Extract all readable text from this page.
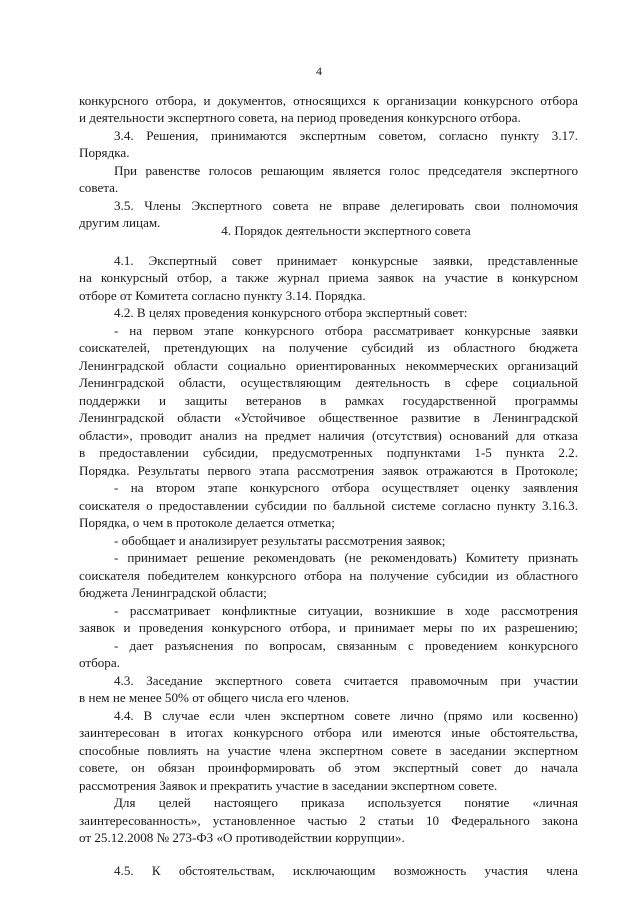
4
конкурсного отбора, и документов, относящихся к организации конкурсного отбора
и деятельности экспертного совета, на период проведения конкурсного отбора.
3.4. Решения, принимаются экспертным советом, согласно пункту 3.17.
Порядка.
При равенстве голосов решающим является голос председателя экспертного
совета.
3.5. Члены Экспертного совета не вправе делегировать свои полномочия
другим лицам.
4. Порядок деятельности экспертного совета
4.1. Экспертный совет принимает конкурсные заявки, представленные
на конкурсный отбор, а также журнал приема заявок на участие в конкурсном
отборе от Комитета согласно пункту 3.14. Порядка.
4.2. В целях проведения конкурсного отбора экспертный совет:
- на первом этапе конкурсного отбора рассматривает конкурсные заявки
соискателей, претендующих на получение субсидий из областного бюджета
Ленинградской области социально ориентированных некоммерческих организаций
Ленинградской области, осуществляющим деятельность в сфере социальной
поддержки и защиты ветеранов в рамках государственной программы
Ленинградской области «Устойчивое общественное развитие в Ленинградской
области», проводит анализ на предмет наличия (отсутствия) оснований для отказа
в предоставлении субсидии, предусмотренных подпунктами 1-5 пункта 2.2.
Порядка. Результаты первого этапа рассмотрения заявок отражаются в Протоколе;
- на втором этапе конкурсного отбора осуществляет оценку заявления
соискателя о предоставлении субсидии по балльной системе согласно пункту 3.16.3.
Порядка, о чем в протоколе делается отметка;
- обобщает и анализирует результаты рассмотрения заявок;
- принимает решение рекомендовать (не рекомендовать) Комитету признать
соискателя победителем конкурсного отбора на получение субсидии из областного
бюджета Ленинградской области;
- рассматривает конфликтные ситуации, возникшие в ходе рассмотрения
заявок и проведения конкурсного отбора, и принимает меры по их разрешению;
- дает разъяснения по вопросам, связанным с проведением конкурсного
отбора.
4.3. Заседание экспертного совета считается правомочным при участии
в нем не менее 50% от общего числа его членов.
4.4. В случае если член экспертном совете лично (прямо или косвенно)
заинтересован в итогах конкурсного отбора или имеются иные обстоятельства,
способные повлиять на участие члена экспертном совете в заседании экспертном
совете, он обязан проинформировать об этом экспертный совет до начала
рассмотрения Заявок и прекратить участие в заседании экспертном совете.
Для целей настоящего приказа используется понятие «личная
заинтересованность», установленное частью 2 статьи 10 Федерального закона
от 25.12.2008 № 273-ФЗ «О противодействии коррупции».
4.5. К обстоятельствам, исключающим возможность участия члена
